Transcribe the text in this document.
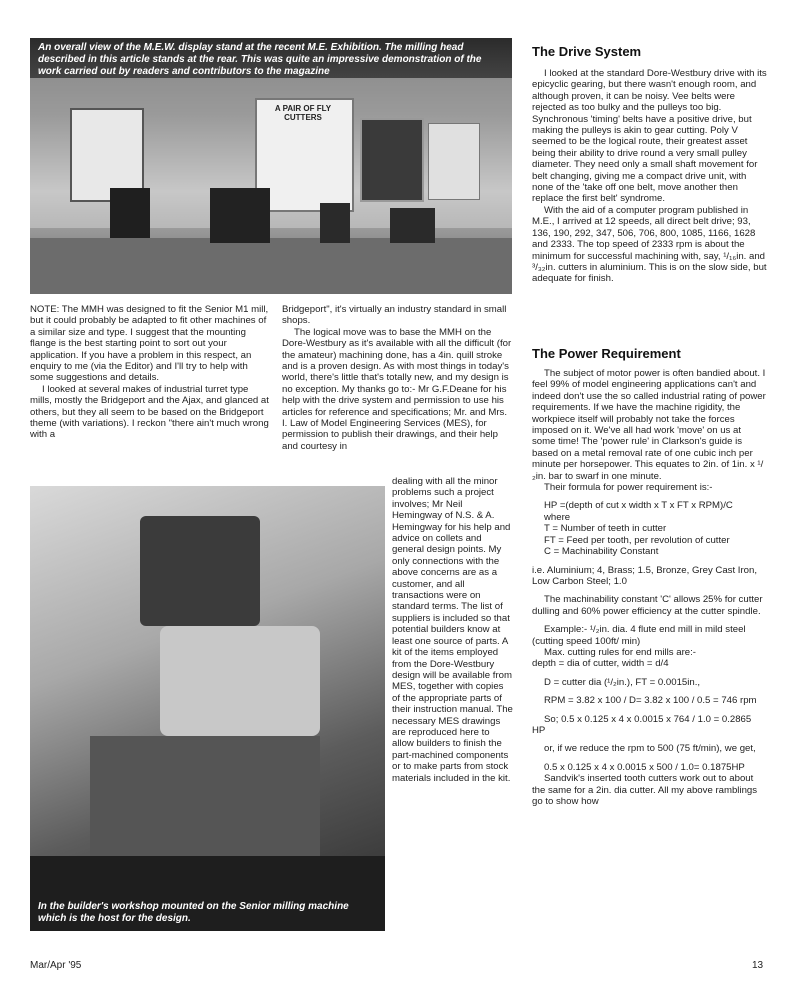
A PAIR OF FLY CUTTERS
An overall view of the M.E.W. display stand at the recent M.E. Exhibition. The milling head described in this article stands at the rear. This was quite an impressive demonstration of the work carried out by readers and contributors to the magazine

NOTE: The MMH was designed to fit the Senior M1 mill, but it could probably be adapted to fit other machines of a similar size and type. I suggest that the mounting flange is the best starting point to sort out your application. If you have a problem in this respect, an enquiry to me (via the Editor) and I'll try to help with some suggestions and details.

I looked at several makes of industrial turret type mills, mostly the Bridgeport and the Ajax, and glanced at others, but they all seem to be based on the Bridgeport theme (with variations). I reckon "there ain't much wrong with a

Bridgeport", it's virtually an industry standard in small shops.

The logical move was to base the MMH on the Dore-Westbury as it's available with all the difficult (for the amateur) machining done, has a 4in. quill stroke and is a proven design. As with most things in today's world, there's little that's totally new, and my design is no exception. My thanks go to:- Mr G.F.Deane for his help with the drive system and permission to use his articles for reference and specifications; Mr. and Mrs. I. Law of Model Engineering Services (MES), for permission to publish their drawings, and their help and courtesy in

In the builder's workshop mounted on the Senior milling machine which is the host for the design.

dealing with all the minor problems such a project involves; Mr Neil Hemingway of N.S. & A. Hemingway for his help and advice on collets and general design points. My only connections with the above concerns are as a customer, and all transactions were on standard terms. The list of suppliers is included so that potential builders know at least one source of parts. A kit of the items employed from the Dore-Westbury design will be available from MES, together with copies of the appropriate parts of their instruction manual. The necessary MES drawings are reproduced here to allow builders to finish the part-machined components or to make parts from stock materials included in the kit.

The Drive System

I looked at the standard Dore-Westbury drive with its epicyclic gearing, but there wasn't enough room, and although proven, it can be noisy. Vee belts were rejected as too bulky and the pulleys too big. Synchronous 'timing' belts have a positive drive, but making the pulleys is akin to gear cutting. Poly V seemed to be the logical route, their greatest asset being their ability to drive round a very small pulley diameter. They need only a small shaft movement for belt changing, giving me a compact drive unit, with none of the 'take off one belt, move another then replace the first belt' syndrome.

With the aid of a computer program published in M.E., I arrived at 12 speeds, all direct belt drive; 93, 136, 190, 292, 347, 506, 706, 800, 1085, 1166, 1628 and 2333. The top speed of 2333 rpm is about the minimum for successful machining with, say, ¹/₁₆in. and ³/₃₂in. cutters in aluminium. This is on the slow side, but adequate for finish.

The Power Requirement

The subject of motor power is often bandied about. I feel 99% of model engineering applications can't and indeed don't use the so called industrial rating of power requirements. If we have the machine rigidity, the workpiece itself will probably not take the forces imposed on it. We've all had work 'move' on us at some time! The 'power rule' in Clarkson's guide is based on a metal removal rate of one cubic inch per minute per horsepower. This equates to 2in. of 1in. x ¹/₂in. bar to swarf in one minute.

Their formula for power requirement is:-

HP =(depth of cut x width x T x FT x RPM)/C

where

T = Number of teeth in cutter

FT = Feed per tooth, per revolution of cutter

C = Machinability Constant

i.e. Aluminium; 4, Brass; 1.5, Bronze, Grey Cast Iron, Low Carbon Steel; 1.0

The machinability constant 'C' allows 25% for cutter dulling and 60% power efficiency at the cutter spindle.

Example:- ¹/₂in. dia. 4 flute end mill in mild steel (cutting speed 100ft/ min)

Max. cutting rules for end mills are:-

depth = dia of cutter, width = d/4

D = cutter dia (¹/₂in.), FT = 0.0015in.,

RPM = 3.82 x 100 / D= 3.82 x 100 / 0.5 = 746 rpm

So; 0.5 x 0.125 x 4 x 0.0015 x 764 / 1.0 = 0.2865 HP

or, if we reduce the rpm to 500 (75 ft/min), we get,

0.5 x 0.125 x 4 x 0.0015 x 500 / 1.0= 0.1875HP

Sandvik's inserted tooth cutters work out to about the same for a 2in. dia cutter. All my above ramblings go to show how

Mar/Apr '95	13
